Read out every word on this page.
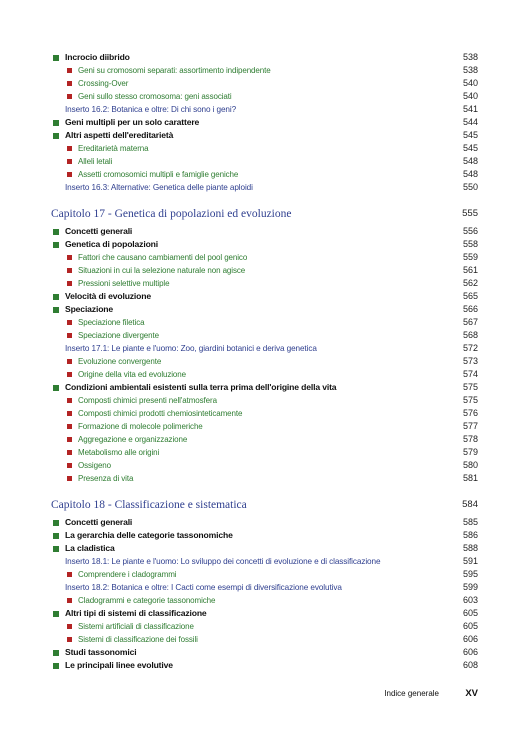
Incrocio diibrido	538
Geni su cromosomi separati: assortimento indipendente	538
Crossing-Over	540
Geni sullo stesso cromosoma: geni associati	540
Inserto 16.2: Botanica e oltre: Di chi sono i geni?	541
Geni multipli per un solo carattere	544
Altri aspetti dell'ereditarietà	545
Ereditarietà materna	545
Alleli letali	548
Assetti cromosomici multipli e famiglie geniche	548
Inserto 16.3: Alternative: Genetica delle piante aploidi	550
Capitolo 17 - Genetica di popolazioni ed evoluzione	555
Concetti generali	556
Genetica di popolazioni	558
Fattori che causano cambiamenti del pool genico	559
Situazioni in cui la selezione naturale non agisce	561
Pressioni selettive multiple	562
Velocità di evoluzione	565
Speciazione	566
Speciazione filetica	567
Speciazione divergente	568
Inserto 17.1: Le piante e l'uomo: Zoo, giardini botanici e deriva genetica	572
Evoluzione convergente	573
Origine della vita ed evoluzione	574
Condizioni ambientali esistenti sulla terra prima dell'origine della vita	575
Composti chimici presenti nell'atmosfera	575
Composti chimici prodotti chemiosinteticamente	576
Formazione di molecole polimeriche	577
Aggregazione e organizzazione	578
Metabolismo alle origini	579
Ossigeno	580
Presenza di vita	581
Capitolo 18 - Classificazione e sistematica	584
Concetti generali	585
La gerarchia delle categorie tassonomiche	586
La cladistica	588
Inserto 18.1: Le piante e l'uomo: Lo sviluppo dei concetti di evoluzione e di classificazione	591
Comprendere i cladogrammi	595
Inserto 18.2: Botanica e oltre: I Cacti come esempi di diversificazione evolutiva	599
Cladogrammi e categorie tassonomiche	603
Altri tipi di sistemi di classificazione	605
Sistemi artificiali di classificazione	605
Sistemi di classificazione dei fossili	606
Studi tassonomici	606
Le principali linee evolutive	608
Indice generale	XV
